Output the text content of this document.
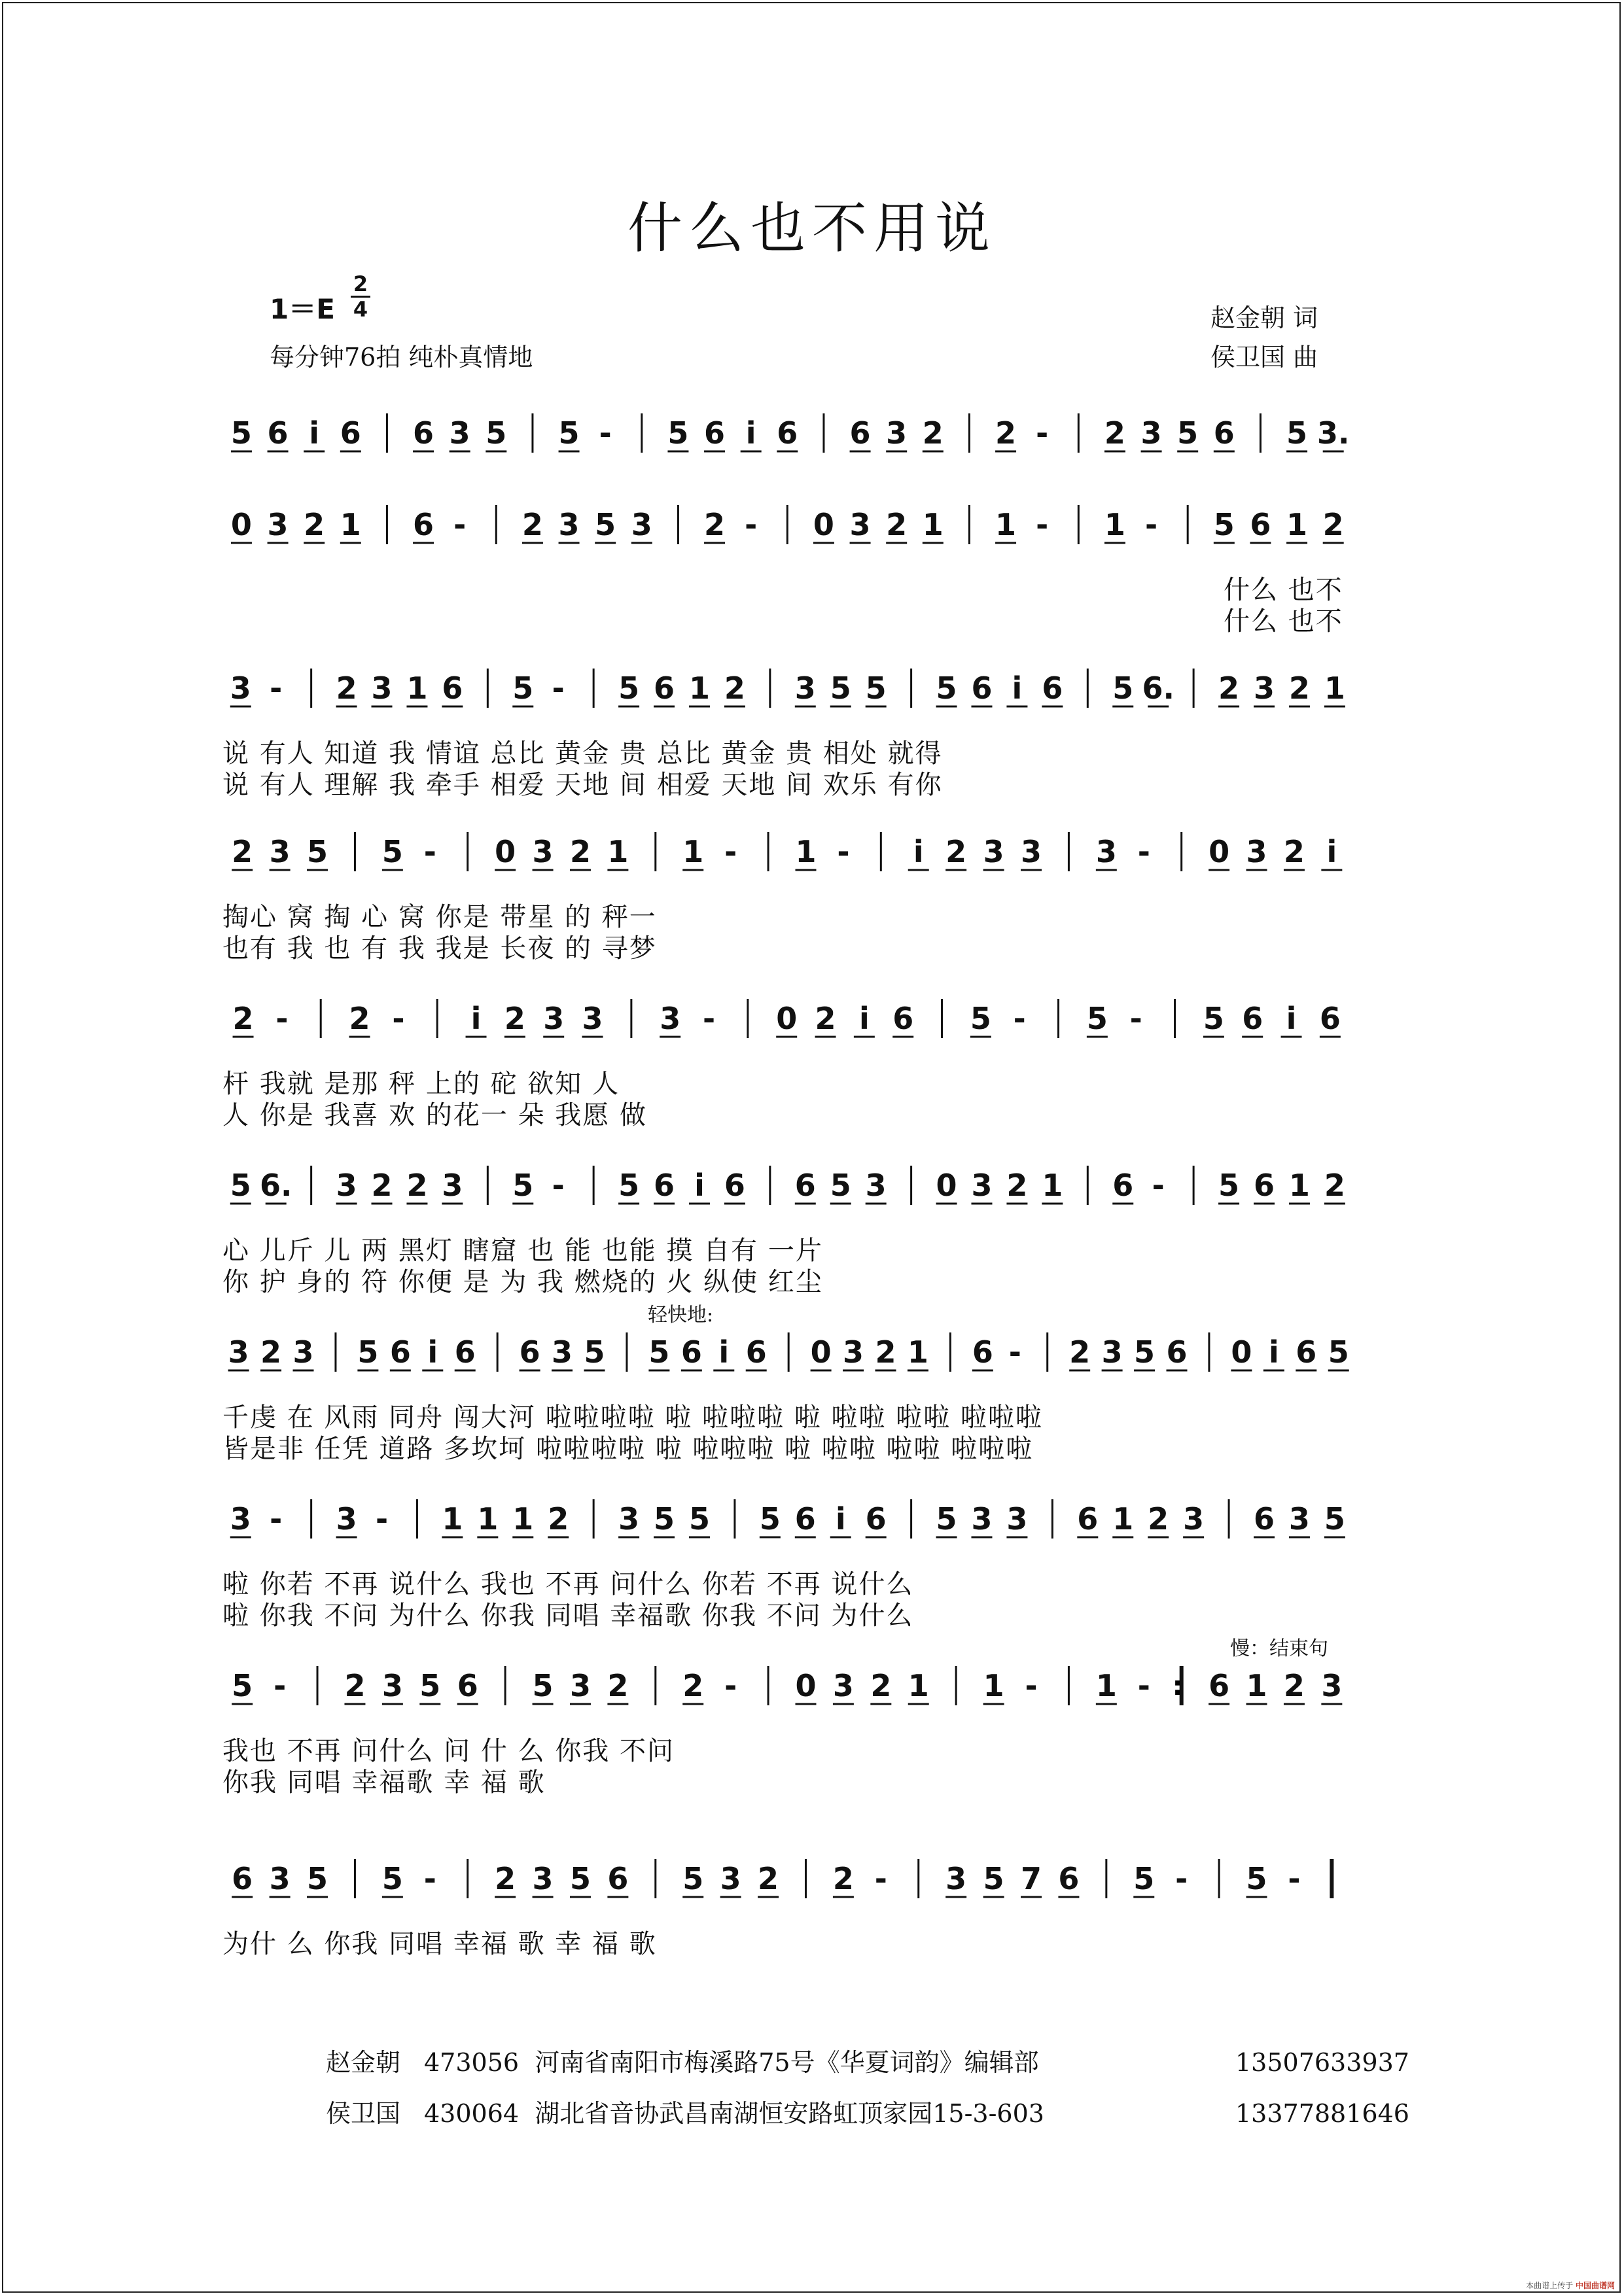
什么也不用说
1＝E
2
4
每分钟76拍 纯朴真情地
赵金朝 词
侯卫国 曲
5 6 i 6 6 3 5 5 - 5 6 i 6 6 3 2 2 - 2 3 5 6 5 3.
0 3 2 1 6 - 2 3 5 3 2 - 0 3 2 1 1 - 1 - 5 6 1 2
什么 也不
什么 也不
3 - 2 3 1 6 5 - 5 6 1 2 3 5 5 5 6 i 6 5 6. 2 3 2 1
说 有人 知道 我 情谊 总比 黄金 贵 总比 黄金 贵 相处 就得
说 有人 理解 我 牵手 相爱 天地 间 相爱 天地 间 欢乐 有你
2 3 5 5 - 0 3 2 1 1 - 1 - i 2 3 3 3 - 0 3 2 i
掏心 窝 掏 心 窝 你是 带星 的 秤一
也有 我 也 有 我 我是 长夜 的 寻梦
2 - 2 - i 2 3 3 3 - 0 2 i 6 5 - 5 - 5 6 i 6
杆 我就 是那 秤 上的 砣 欲知 人
人 你是 我喜 欢 的花一 朵 我愿 做
5 6. 3 2 2 3 5 - 5 6 i 6 6 5 3 0 3 2 1 6 - 5 6 1 2
心 儿斤 儿 两 黑灯 瞎窟 也 能 也能 摸 自有 一片
你 护 身的 符 你便 是 为 我 燃烧的 火 纵使 红尘
3 2 3 5 6 i 6 6 3 5 5 6 i 6 0 3 2 1 6 - 2 3 5 6 0 i 6 5
轻快地:
千虔 在 风雨 同舟 闯大河 啦啦啦啦 啦 啦啦啦 啦 啦啦 啦啦 啦啦啦
皆是非 任凭 道路 多坎坷 啦啦啦啦 啦 啦啦啦 啦 啦啦 啦啦 啦啦啦
3 - 3 - 1 1 1 2 3 5 5 5 6 i 6 5 3 3 6 1 2 3 6 3 5
啦 你若 不再 说什么 我也 不再 问什么 你若 不再 说什么
啦 你我 不问 为什么 你我 同唱 幸福歌 你我 不问 为什么
5 - 2 3 5 6 5 3 2 2 - 0 3 2 1 1 - 1 - : 6 1 2 3
慢：结束句
我也 不再 问什么 问 什 么 你我 不问
你我 同唱 幸福歌 幸 福 歌
6 3 5 5 - 2 3 5 6 5 3 2 2 - 3 5 7 6 5 - 5 -
为什 么 你我 同唱 幸福 歌 幸 福 歌
赵金朝 473056  河南省南阳市梅溪路75号《华夏词韵》编辑部	13507633937
侯卫国 430064  湖北省音协武昌南湖恒安路虹顶家园15-3-603	13377881646
本曲谱上传于 中国曲谱网
